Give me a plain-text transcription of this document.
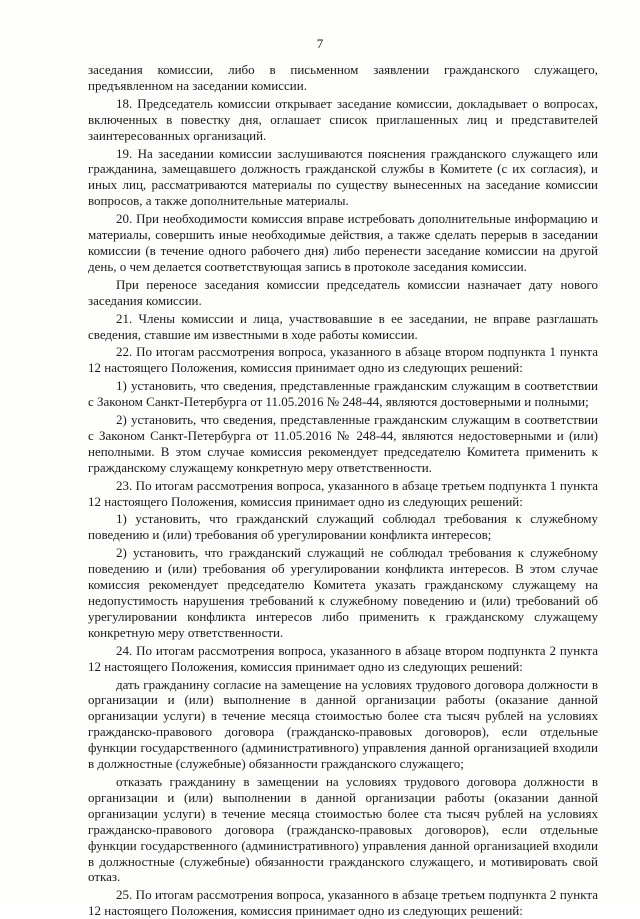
7

заседания комиссии, либо в письменном заявлении гражданского служащего, предъявленном на заседании комиссии.

18. Председатель комиссии открывает заседание комиссии, докладывает о вопросах, включенных в повестку дня, оглашает список приглашенных лиц и представителей заинтересованных организаций.

19. На заседании комиссии заслушиваются пояснения гражданского служащего или гражданина, замещавшего должность гражданской службы в Комитете (с их согласия), и иных лиц, рассматриваются материалы по существу вынесенных на заседание комиссии вопросов, а также дополнительные материалы.

20. При необходимости комиссия вправе истребовать дополнительные информацию и материалы, совершить иные необходимые действия, а также сделать перерыв в заседании комиссии (в течение одного рабочего дня) либо перенести заседание комиссии на другой день, о чем делается соответствующая запись в протоколе заседания комиссии.

При переносе заседания комиссии председатель комиссии назначает дату нового заседания комиссии.

21. Члены комиссии и лица, участвовавшие в ее заседании, не вправе разглашать сведения, ставшие им известными в ходе работы комиссии.

22. По итогам рассмотрения вопроса, указанного в абзаце втором подпункта 1 пункта 12 настоящего Положения, комиссия принимает одно из следующих решений:

1) установить, что сведения, представленные гражданским служащим в соответствии с Законом Санкт-Петербурга от 11.05.2016 № 248-44, являются достоверными и полными;

2) установить, что сведения, представленные гражданским служащим в соответствии с Законом Санкт-Петербурга от 11.05.2016 № 248-44, являются недостоверными и (или) неполными. В этом случае комиссия рекомендует председателю Комитета применить к гражданскому служащему конкретную меру ответственности.

23. По итогам рассмотрения вопроса, указанного в абзаце третьем подпункта 1 пункта 12 настоящего Положения, комиссия принимает одно из следующих решений:

1) установить, что гражданский служащий соблюдал требования к служебному поведению и (или) требования об урегулировании конфликта интересов;

2) установить, что гражданский служащий не соблюдал требования к служебному поведению и (или) требования об урегулировании конфликта интересов. В этом случае комиссия рекомендует председателю Комитета указать гражданскому служащему на недопустимость нарушения требований к служебному поведению и (или) требований об урегулировании конфликта интересов либо применить к гражданскому служащему конкретную меру ответственности.

24. По итогам рассмотрения вопроса, указанного в абзаце втором подпункта 2 пункта 12 настоящего Положения, комиссия принимает одно из следующих решений:

дать гражданину согласие на замещение на условиях трудового договора должности в организации и (или) выполнение в данной организации работы (оказание данной организации услуги) в течение месяца стоимостью более ста тысяч рублей на условиях гражданско-правового договора (гражданско-правовых договоров), если отдельные функции государственного (административного) управления данной организацией входили в должностные (служебные) обязанности гражданского служащего;

отказать гражданину в замещении на условиях трудового договора должности в организации и (или) выполнении в данной организации работы (оказании данной организации услуги) в течение месяца стоимостью более ста тысяч рублей на условиях гражданско-правового договора (гражданско-правовых договоров), если отдельные функции государственного (административного) управления данной организацией входили в должностные (служебные) обязанности гражданского служащего, и мотивировать свой отказ.

25. По итогам рассмотрения вопроса, указанного в абзаце третьем подпункта 2 пункта 12 настоящего Положения, комиссия принимает одно из следующих решений:
